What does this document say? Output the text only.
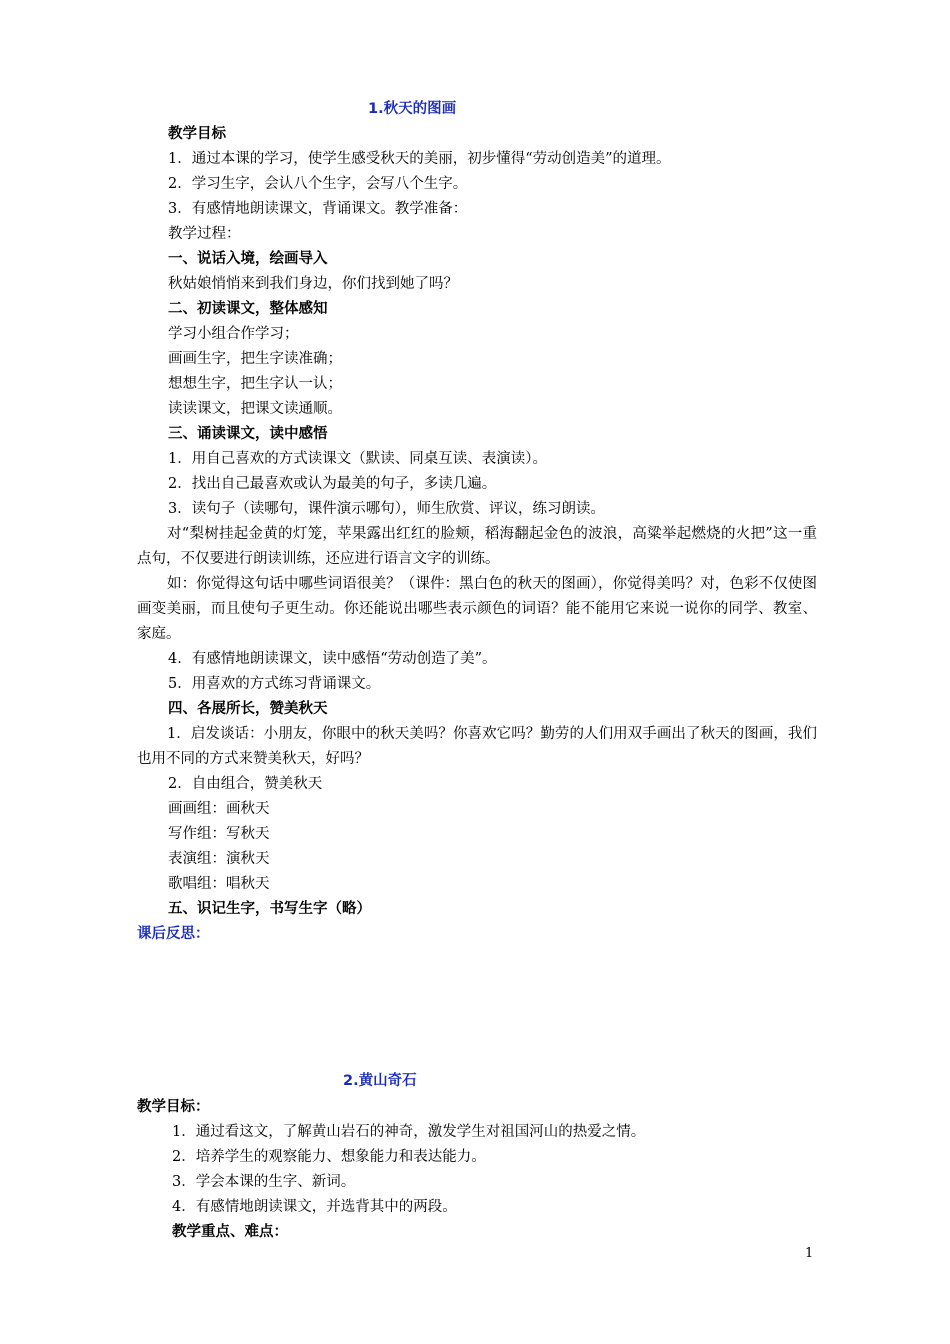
1.秋天的图画
教学目标
1．通过本课的学习，使学生感受秋天的美丽，初步懂得“劳动创造美”的道理。
2．学习生字，会认八个生字，会写八个生字。
3．有感情地朗读课文，背诵课文。教学准备：
教学过程：
一、说话入境，绘画导入
秋姑娘悄悄来到我们身边，你们找到她了吗？
二、初读课文，整体感知
学习小组合作学习；
画画生字，把生字读准确；
想想生字，把生字认一认；
读读课文，把课文读通顺。
三、诵读课文，读中感悟
1．用自己喜欢的方式读课文（默读、同桌互读、表演读）。
2．找出自己最喜欢或认为最美的句子，多读几遍。
3．读句子（读哪句，课件演示哪句），师生欣赏、评议，练习朗读。
对“梨树挂起金黄的灯笼，苹果露出红红的脸颊，稻海翻起金色的波浪，高粱举起燃烧的火把”这一重点句，不仅要进行朗读训练，还应进行语言文字的训练。
如：你觉得这句话中哪些词语很美？（课件：黑白色的秋天的图画），你觉得美吗？对，色彩不仅使图画变美丽，而且使句子更生动。你还能说出哪些表示颜色的词语？能不能用它来说一说你的同学、教室、家庭。
4．有感情地朗读课文，读中感悟“劳动创造了美”。
5．用喜欢的方式练习背诵课文。
四、各展所长，赞美秋天
1．启发谈话：小朋友，你眼中的秋天美吗？你喜欢它吗？勤劳的人们用双手画出了秋天的图画，我们也用不同的方式来赞美秋天，好吗？
2．自由组合，赞美秋天
画画组：画秋天
写作组：写秋天
表演组：演秋天
歌唱组：唱秋天
五、识记生字，书写生字（略）
课后反思：
2.黄山奇石
教学目标：
1．通过看这文，了解黄山岩石的神奇，激发学生对祖国河山的热爱之情。
2．培养学生的观察能力、想象能力和表达能力。
3．学会本课的生字、新词。
4．有感情地朗读课文，并选背其中的两段。
教学重点、难点：
1
